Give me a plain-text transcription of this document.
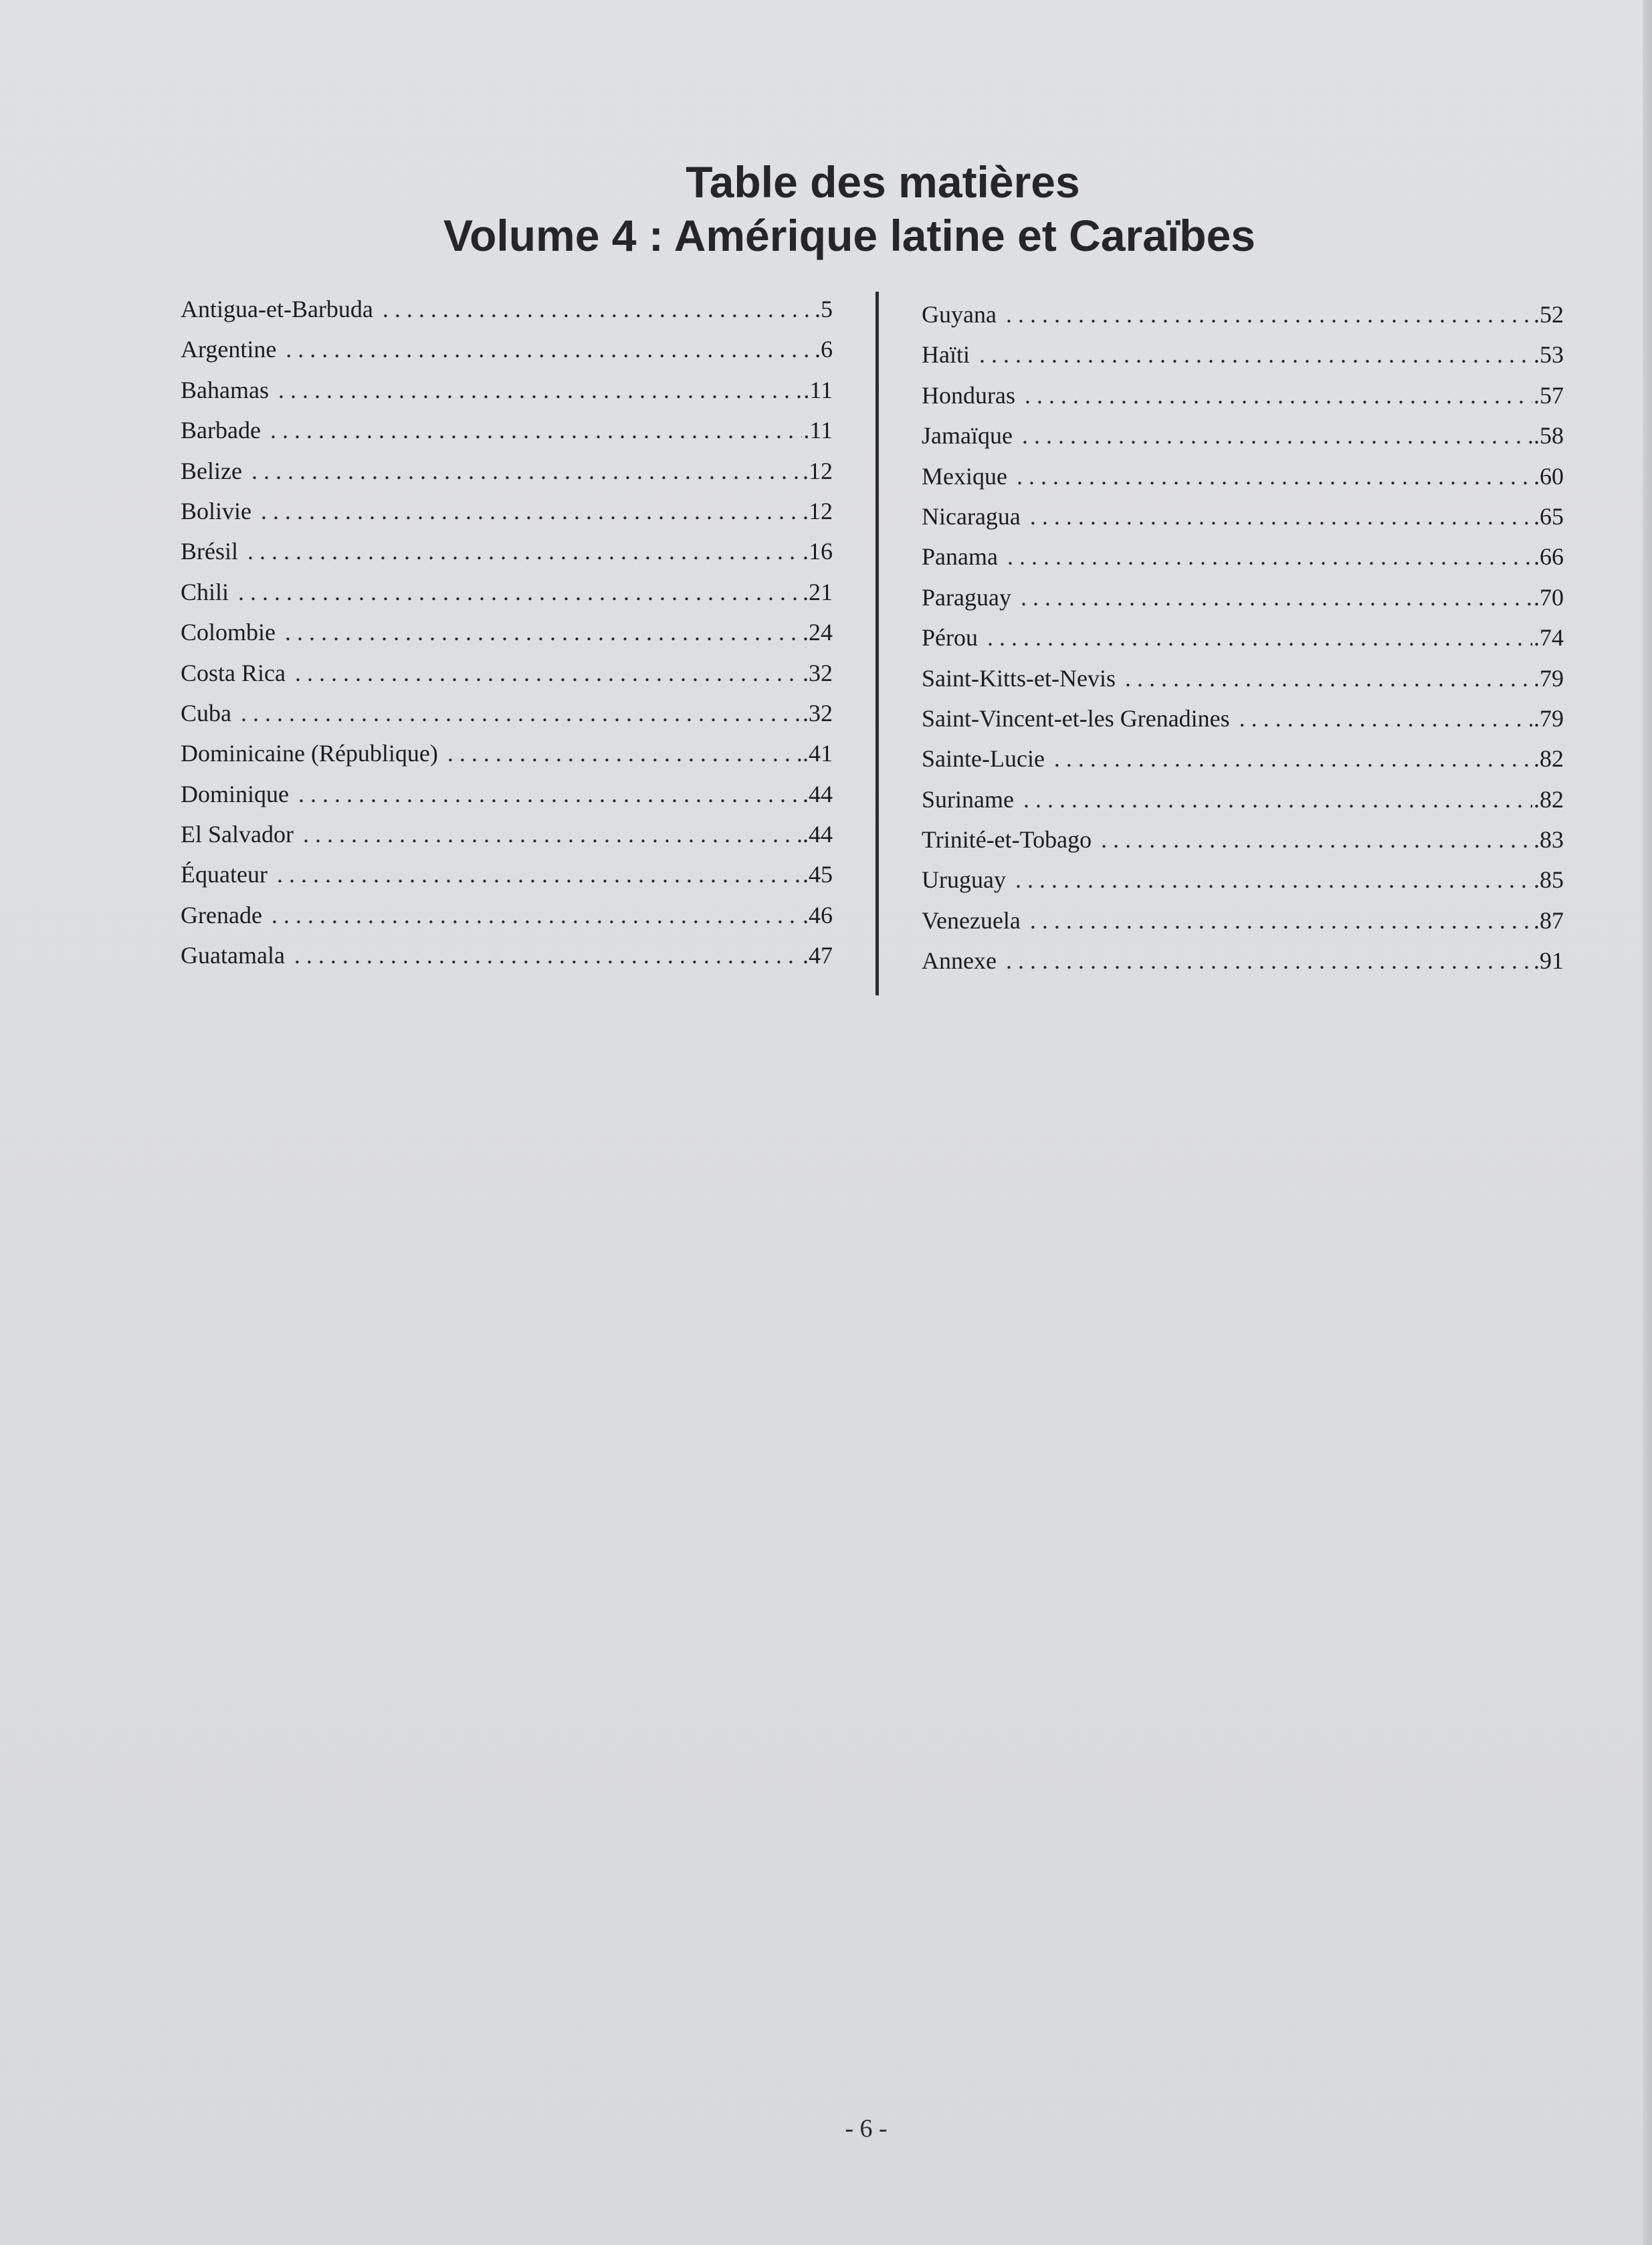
Table des matières
Volume 4 : Amérique latine et Caraïbes
Antigua-et-Barbuda . . .	.5
Argentine . . .	.6
Bahamas . . .	.11
Barbade . . .	.11
Belize . . .	.12
Bolivie . . .	.12
Brésil . . .	.16
Chili . . .	.21
Colombie . . .	.24
Costa Rica . . .	.32
Cuba . . .	.32
Dominicaine (République) . . .	.41
Dominique . . .	.44
El Salvador . . .	.44
Équateur . . .	.45
Grenade . . .	.46
Guatamala . . .	.47
Guyana . . .	.52
Haïti . . .	.53
Honduras . . .	.57
Jamaïque . . .	.58
Mexique . . .	.60
Nicaragua . . .	.65
Panama . . .	.66
Paraguay . . .	.70
Pérou . . .	.74
Saint-Kitts-et-Nevis . . .	.79
Saint-Vincent-et-les Grenadines . . .	.79
Sainte-Lucie . . .	.82
Suriname . . .	.82
Trinité-et-Tobago . . .	.83
Uruguay . . .	.85
Venezuela . . .	.87
Annexe . . .	.91
- 6 -
